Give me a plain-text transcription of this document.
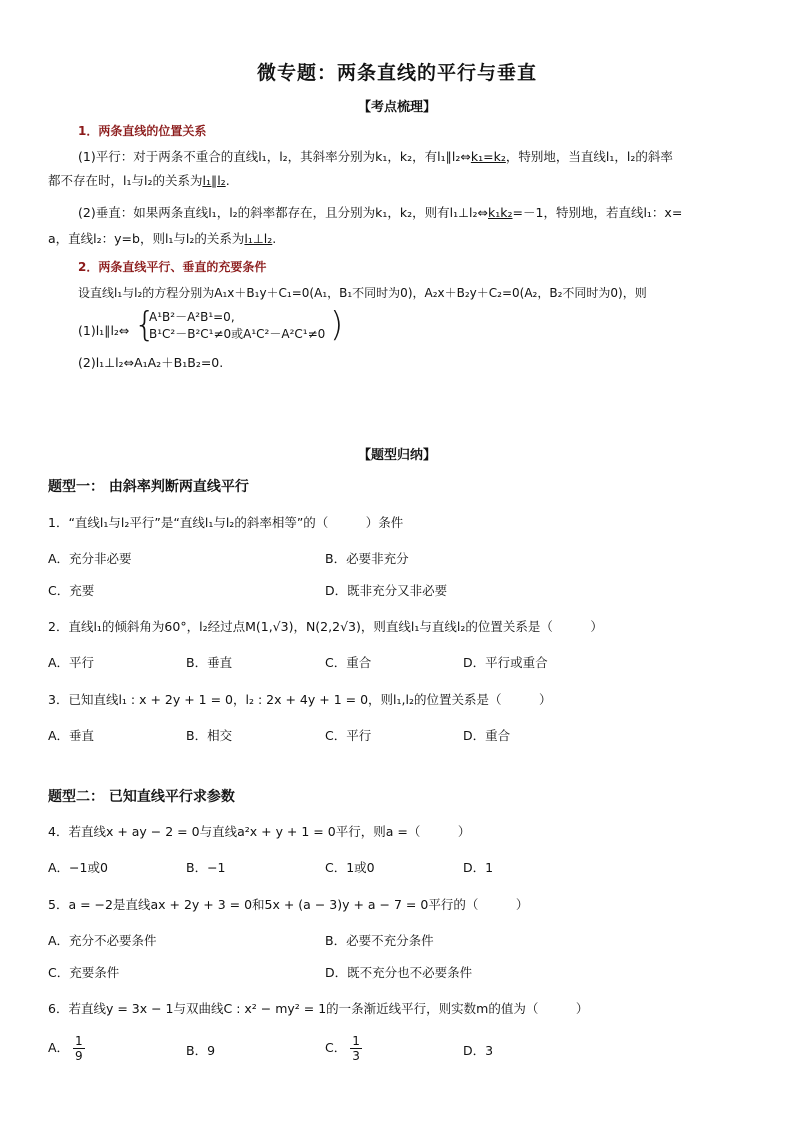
微专题：两条直线的平行与垂直
【考点梳理】
1．两条直线的位置关系
(1)平行：对于两条不重合的直线l₁，l₂，其斜率分别为k₁，k₂，有l₁∥l₂⇔k₁=k₂，特别地，当直线l₁，l₂的斜率
都不存在时，l₁与l₂的关系为l₁∥l₂.
(2)垂直：如果两条直线l₁，l₂的斜率都存在，且分别为k₁，k₂，则有l₁⊥l₂⇔k₁k₂=－1，特别地，若直线l₁：x=
a，直线l₂：y=b，则l₁与l₂的关系为l₁⊥l₂.
2．两条直线平行、垂直的充要条件
设直线l₁与l₂的方程分别为A₁x＋B₁y＋C₁=0(A₁，B₁不同时为0)，A₂x＋B₂y＋C₂=0(A₂，B₂不同时为0)，则
(1)l₁∥l₂⇔ {
A¹B²－A²B¹=0,
B¹C²－B²C¹≠0或A¹C²－A²C¹≠0 )
(2)l₁⊥l₂⇔A₁A₂＋B₁B₂=0.
【题型归纳】
题型一： 由斜率判断两直线平行
1．“直线l₁与l₂平行”是“直线l₁与l₂的斜率相等”的（　　　）条件
A．充分非必要	B．必要非充分
C．充要	D．既非充分又非必要
2．直线l₁的倾斜角为60°，l₂经过点M(1,√3)，N(2,2√3)，则直线l₁与直线l₂的位置关系是（　　　）
A．平行	B．垂直	C．重合	D．平行或重合
3．已知直线l₁ : x + 2y + 1 = 0，l₂ : 2x + 4y + 1 = 0，则l₁,l₂的位置关系是（　　　）
A．垂直	B．相交	C．平行	D．重合
题型二： 已知直线平行求参数
4．若直线x + ay − 2 = 0与直线a²x + y + 1 = 0平行，则a =（　　　）
A．−1或0	B．−1	C．1或0	D．1
5．a = −2是直线ax + 2y + 3 = 0和5x + (a − 3)y + a − 7 = 0平行的（　　　）
A．充分不必要条件	B．必要不充分条件
C．充要条件	D．既不充分也不必要条件
6．若直线y = 3x − 1与双曲线C : x² − my² = 1的一条渐近线平行，则实数m的值为（　　　）
A． $\frac{1}{9}$	B．9	C． $\frac{1}{3}$	D．3
